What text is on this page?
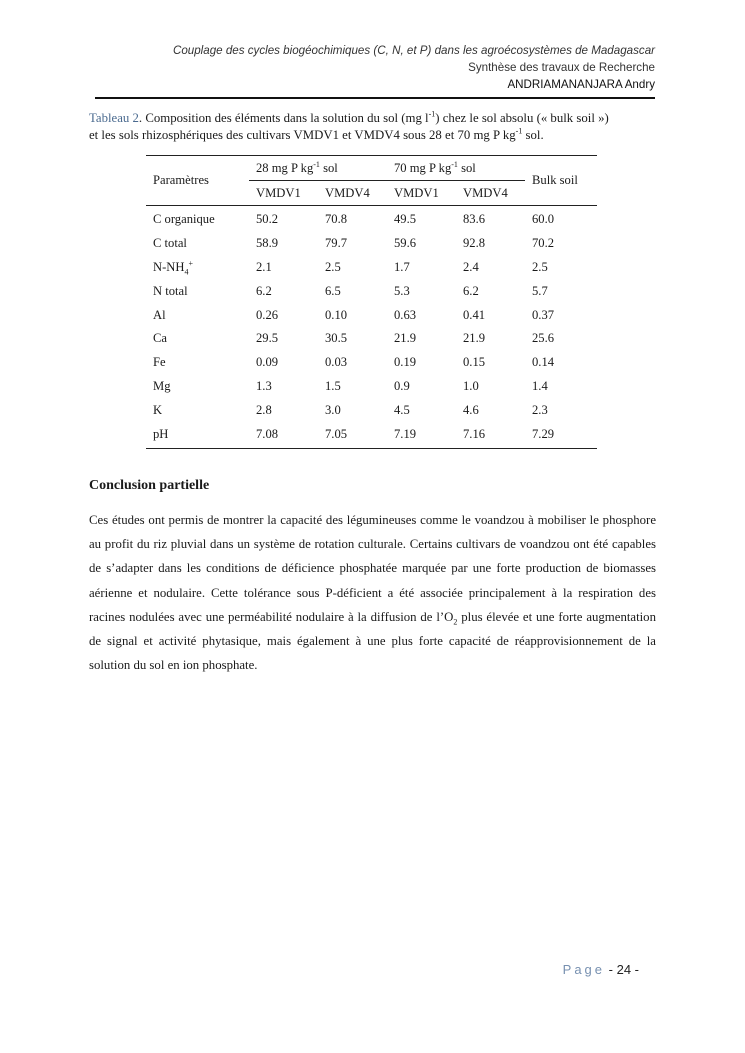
Couplage des cycles biogéochimiques (C, N, et P) dans les agroécosystèmes de Madagascar
Synthèse des travaux de Recherche
ANDRIAMANANJARA Andry
Tableau 2. Composition des éléments dans la solution du sol (mg $l^{-1}$) chez le sol absolu (« bulk soil »)
et les sols rhizosphériques des cultivars VMDV1 et VMDV4 sous 28 et 70 mg P $kg^{-1}$ sol.
Paramètres	28 mg P $kg^{-1}$ sol		70 mg P $kg^{-1}$ sol		Bulk soil
	VMDV1	VMDV4	VMDV1	VMDV4	
C organique	50.2	70.8	49.5	83.6	60.0
C total	58.9	79.7	59.6	92.8	70.2
$N-NH_4^+$	2.1	2.5	1.7	2.4	2.5
N total	6.2	6.5	5.3	6.2	5.7
Al	0.26	0.10	0.63	0.41	0.37
Ca	29.5	30.5	21.9	21.9	25.6
Fe	0.09	0.03	0.19	0.15	0.14
Mg	1.3	1.5	0.9	1.0	1.4
K	2.8	3.0	4.5	4.6	2.3
pH	7.08	7.05	7.19	7.16	7.29
Conclusion partielle
Ces études ont permis de montrer la capacité des légumineuses comme le voandzou à mobiliser le phosphore au profit du riz pluvial dans un système de rotation culturale. Certains cultivars de voandzou ont été capables de s’adapter dans les conditions de déficience phosphatée marquée par une forte production de biomasses aérienne et nodulaire. Cette tolérance sous P-déficient a été associée principalement à la respiration des racines nodulées avec une perméabilité nodulaire à la diffusion de $l’O_2$ plus élevée et une forte augmentation de signal et activité phytasique, mais également à une plus forte capacité de réapprovisionnement de la solution du sol en ion phosphate.
Page - 24 -
